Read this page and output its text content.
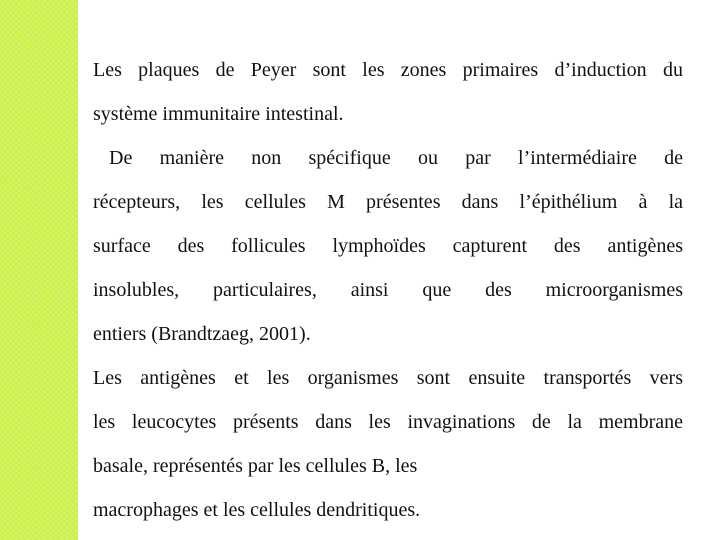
Les plaques de Peyer sont les zones primaires d’induction du
système immunitaire intestinal.
De manière non spécifique ou par l’intermédiaire de
récepteurs, les cellules M présentes dans l’épithélium à la
surface des follicules lymphoïdes capturent des antigènes
insolubles, particulaires, ainsi que des microorganismes
entiers (Brandtzaeg, 2001).
Les antigènes et les organismes sont ensuite transportés vers
les leucocytes présents dans les invaginations de la membrane
basale, représentés par les cellules B, les
macrophages et les cellules dendritiques.
